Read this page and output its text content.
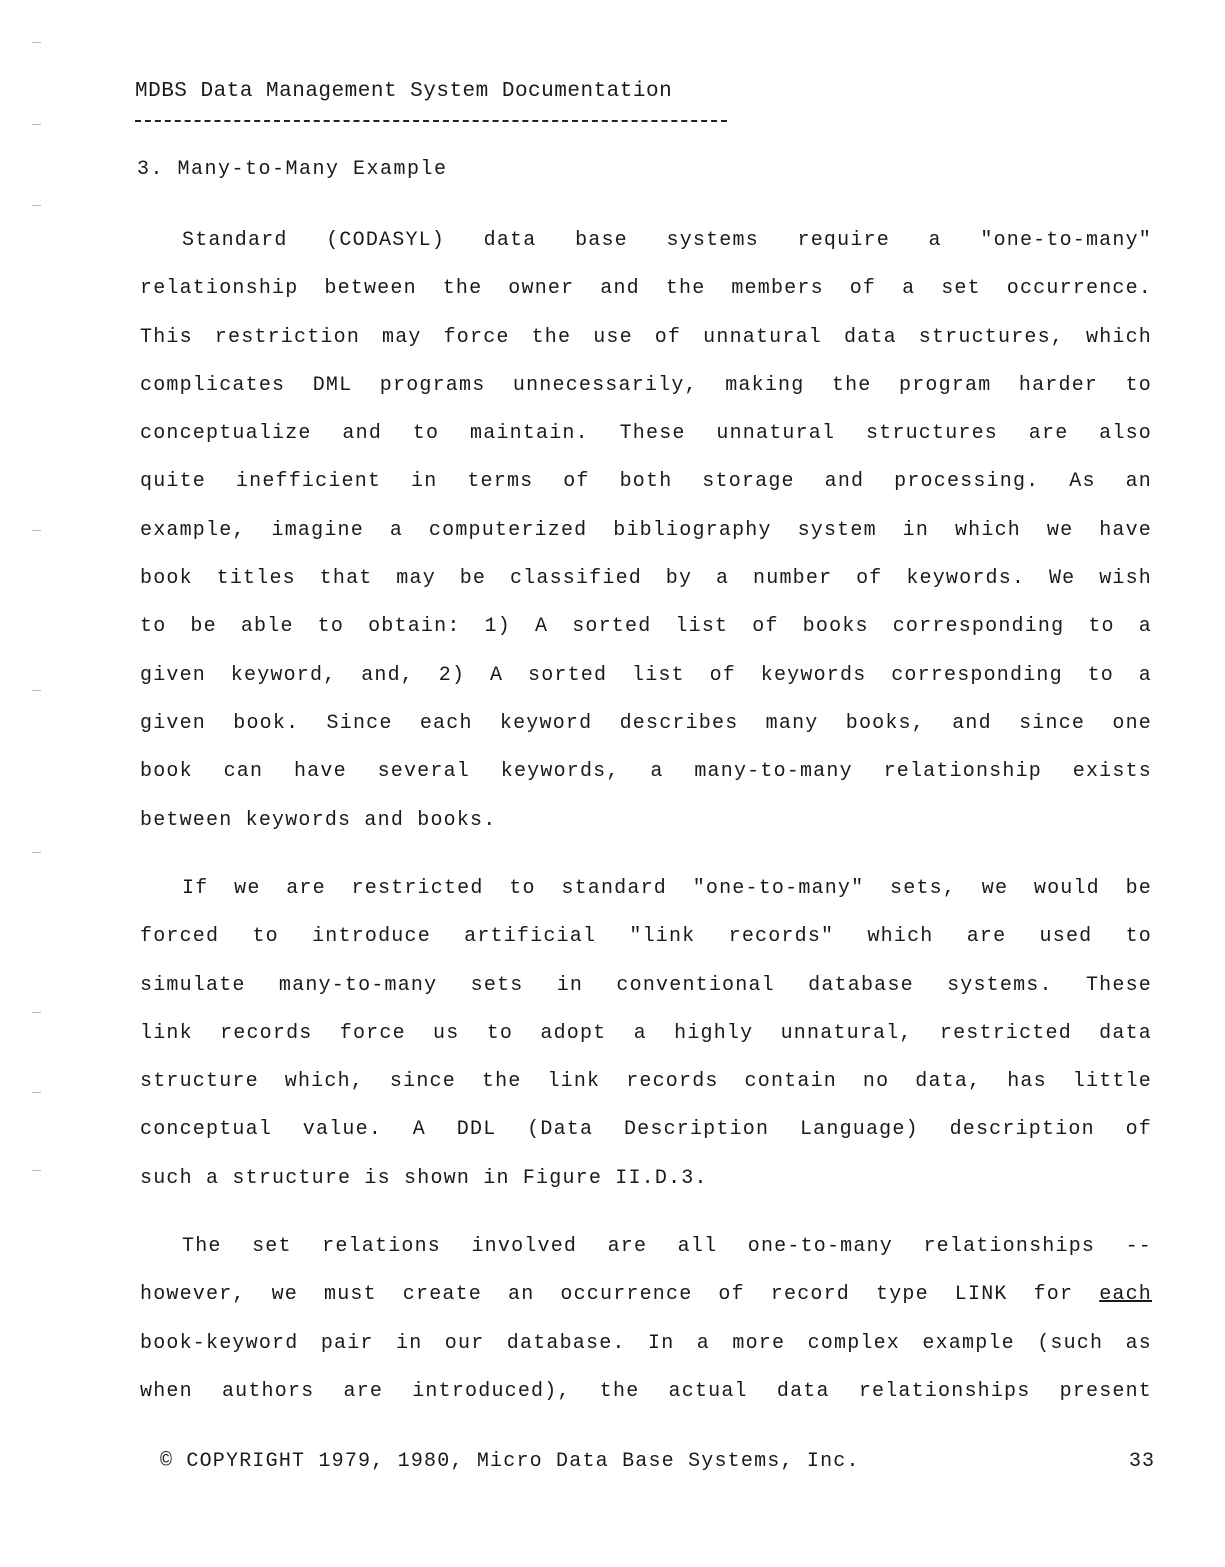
MDBS Data Management System Documentation
3. Many-to-Many Example
Standard (CODASYL) data base systems require a "one-to-many"
relationship between the owner and the members of a set occurrence.
This restriction may force the use of unnatural data structures, which
complicates DML programs unnecessarily, making the program harder to
conceptualize and to maintain. These unnatural structures are also
quite inefficient in terms of both storage and processing. As an
example, imagine a computerized bibliography system in which we have
book titles that may be classified by a number of keywords. We wish
to be able to obtain: 1) A sorted list of books corresponding to a
given keyword, and, 2) A sorted list of keywords corresponding to a
given book. Since each keyword describes many books, and since one
book can have several keywords, a many-to-many relationship exists
between keywords and books.
If we are restricted to standard "one-to-many" sets, we would be
forced to introduce artificial "link records" which are used to
simulate many-to-many sets in conventional database systems. These
link records force us to adopt a highly unnatural, restricted data
structure which, since the link records contain no data, has little
conceptual value. A DDL (Data Description Language) description of
such a structure is shown in Figure II.D.3.
The set relations involved are all one-to-many relationships --
however, we must create an occurrence of record type LINK for each
book-keyword pair in our database. In a more complex example (such as
when authors are introduced), the actual data relationships present
© COPYRIGHT 1979, 1980, Micro Data Base Systems, Inc.	33
